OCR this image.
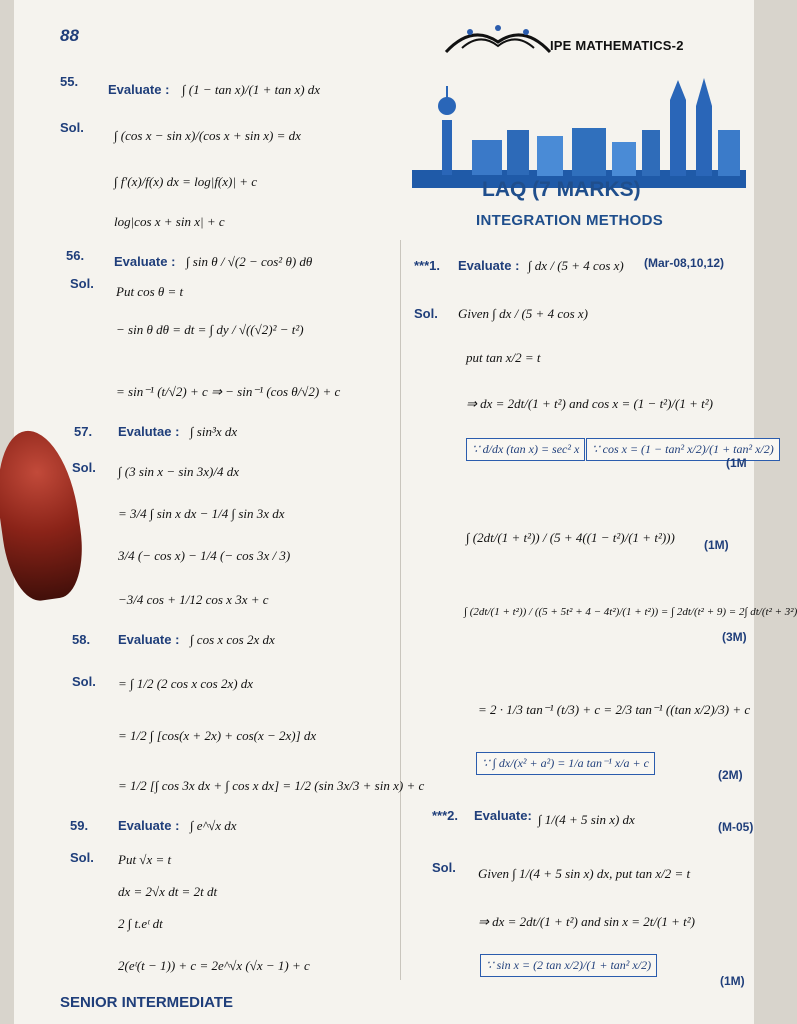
88
IPE MATHEMATICS-2
LAQ (7 MARKS)
INTEGRATION METHODS
55.
Evaluate : ∫ (1 − tan x)/(1 + tan x) dx
Sol.
∫ (cos x − sin x)/(cos x + sin x) = dx
∫ f′(x)/f(x) dx = log|f(x)| + c
log|cos x + sin x| + c
56. Evaluate : ∫ sin θ / √(2 − cos² θ) dθ
Sol.
Put cos θ = t
− sin θ dθ = dt = ∫ dy / √((√2)² − t²)
= sin⁻¹ (t/√2) + c ⇒ − sin⁻¹ (cos θ/√2) + c
57. Evalutae : ∫ sin³x dx
Sol. ∫ (3 sin x − sin 3x)/4 dx
= 3/4 ∫ sin x dx − 1/4 ∫ sin 3x dx
3/4 (− cos x) − 1/4 (− cos 3x / 3)
−3/4 cos + 1/12 cos x 3x + c
58. Evaluate : ∫ cos x cos 2x dx
Sol. = ∫ 1/2 (2 cos x cos 2x) dx
= 1/2 ∫ [cos(x + 2x) + cos(x − 2x)] dx
= 1/2 [∫ cos 3x dx + ∫ cos x dx] = 1/2 (sin 3x/3 + sin x) + c
59. Evaluate : ∫ e^√x dx
Sol. Put √x = t
dx = 2√x dt = 2t dt
2 ∫ t.eᵗ dt
2(eᵗ(t − 1)) + c = 2e^√x (√x − 1) + c
***1. Evaluate : ∫ dx / (5 + 4 cos x) (Mar-08,10,12)
Sol. Given ∫ dx / (5 + 4 cos x)
put tan x/2 = t
⇒ dx = 2dt/(1 + t²) and cos x = (1 − t²)/(1 + t²)
∵ d/dx (tan x) = sec² x	∵ cos x = (1 − tan² x/2)/(1 + tan² x/2)
(1M
∫ (2dt/(1 + t²)) / (5 + 4((1 − t²)/(1 + t²))) (1M)
∫ (2dt/(1 + t²)) / ((5 + 5t² + 4 − 4t²)/(1 + t²)) = ∫ 2dt/(t² + 9) = 2∫ dt/(t² + 3²)
(3M)
= 2 · 1/3 tan⁻¹ (t/3) + c = 2/3 tan⁻¹ ((tan x/2)/3) + c
∵ ∫ dx/(x² + a²) = 1/a tan⁻¹ x/a + c
(2M)
***2. Evaluate: ∫ 1/(4 + 5 sin x) dx	(M-05)
Sol. Given ∫ 1/(4 + 5 sin x) dx, put tan x/2 = t
⇒ dx = 2dt/(1 + t²) and sin x = 2t/(1 + t²)
∵ sin x = (2 tan x/2)/(1 + tan² x/2)
(1M)
SENIOR INTERMEDIATE
